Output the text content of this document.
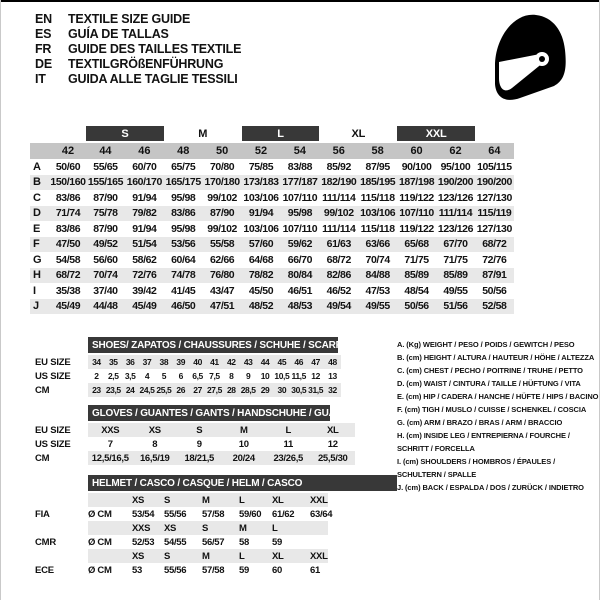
EN	TEXTILE SIZE GUIDE
ES	GUÍA DE TALLAS
FR	GUIDE DES TAILLES TEXTILE
DE	TEXTILGRÖßENFÜHRUNG
IT	GUIDA ALLE TAGLIE TESSILI
S	M	L	XL	XXL
42	44	46	48	50	52	54	56	58	60	62	64
A	50/60	55/65	60/70	65/75	70/80	75/85	83/88	85/92	87/95	90/100 95/100 105/115
B 150/160 155/165 160/170 165/175 170/180 173/183 177/187 182/190 185/195 187/198 190/200 190/200
C	83/86	87/90	91/94	95/98	99/102 103/106 107/110 111/114 115/118 119/122 123/126 127/130
D	71/74	75/78	79/82	83/86	87/90	91/94	95/98	99/102 103/106 107/110 111/114 115/119
E	83/86	87/90	91/94	95/98	99/102 103/106 107/110 111/114 115/118 119/122 123/126 127/130
F	47/50	49/52	51/54	53/56	55/58	57/60	59/62	61/63	63/66	65/68	67/70	68/72
G	54/58	56/60	58/62	60/64	62/66	64/68	66/70	68/72	70/74	71/75	71/75	72/76
H	68/72	70/74	72/76	74/78	76/80	78/82	80/84	82/86	84/88	85/89	85/89	87/91
I	35/38	37/40	39/42	41/45	43/47	45/50	46/51	46/52	47/53	48/54	49/55	50/56
J	45/49	44/48	45/49	46/50	47/51	48/52	48/53	49/54	49/55	50/56	51/56	52/58
SHOES/ ZAPATOS / CHAUSSURES / SCHUHE / SCARPE
EU SIZE	34 35 36 37 38 39 40 41 42 43 44 45 46 47 48
US SIZE	2	2,5 3,5	4	5	6	6,5 7,5	8	9	10 10,5 11,5 12 13
CM	23 23,5 24 24,5 25,5 26 27 27,5 28 28,5 29 30 30,5 31,5 32
GLOVES / GUANTES / GANTS / HANDSCHUHE / GUANTI
EU SIZE	XXS	XS	S	M	L	XL
US SIZE	7	8	9	10	11	12
CM	12,5/16,5	16,5/19	18/21,5	20/24	23/26,5	25,5/30
HELMET / CASCO / CASQUE / HELM / CASCO
XS	S	M	L	XL	XXL
FIA	Ø CM	53/54	55/56	57/58	59/60	61/62	63/64
XXS	XS	S	M	L
CMR	Ø CM	52/53	54/55	56/57	58	59
XS	S	M	L	XL	XXL
ECE	Ø CM	53	55/56	57/58	59	60	61
A. (Kg) WEIGHT / PESO / POIDS / GEWITCH / PESO
B. (cm) HEIGHT / ALTURA / HAUTEUR / HÖHE / ALTEZZA
C. (cm) CHEST / PECHO / POITRINE / TRUHE / PETTO
D. (cm) WAIST / CINTURA / TAILLE / HÜFTUNG / VITA
E. (cm) HIP / CADERA / HANCHE / HÜFTE / HIPS / BACINO
F. (cm) TIGH / MUSLO / CUISSE / SCHENKEL / COSCIA
G. (cm) ARM / BRAZO / BRAS / ARM / BRACCIO
H. (cm) INSIDE LEG / ENTREPIERNA / FOURCHE /
SCHRITT / FORCELLA
I. (cm) SHOULDERS / HOMBROS / ÉPAULES /
SCHULTERN / SPALLE
J. (cm) BACK / ESPALDA / DOS / ZURÜCK / INDIETRO
